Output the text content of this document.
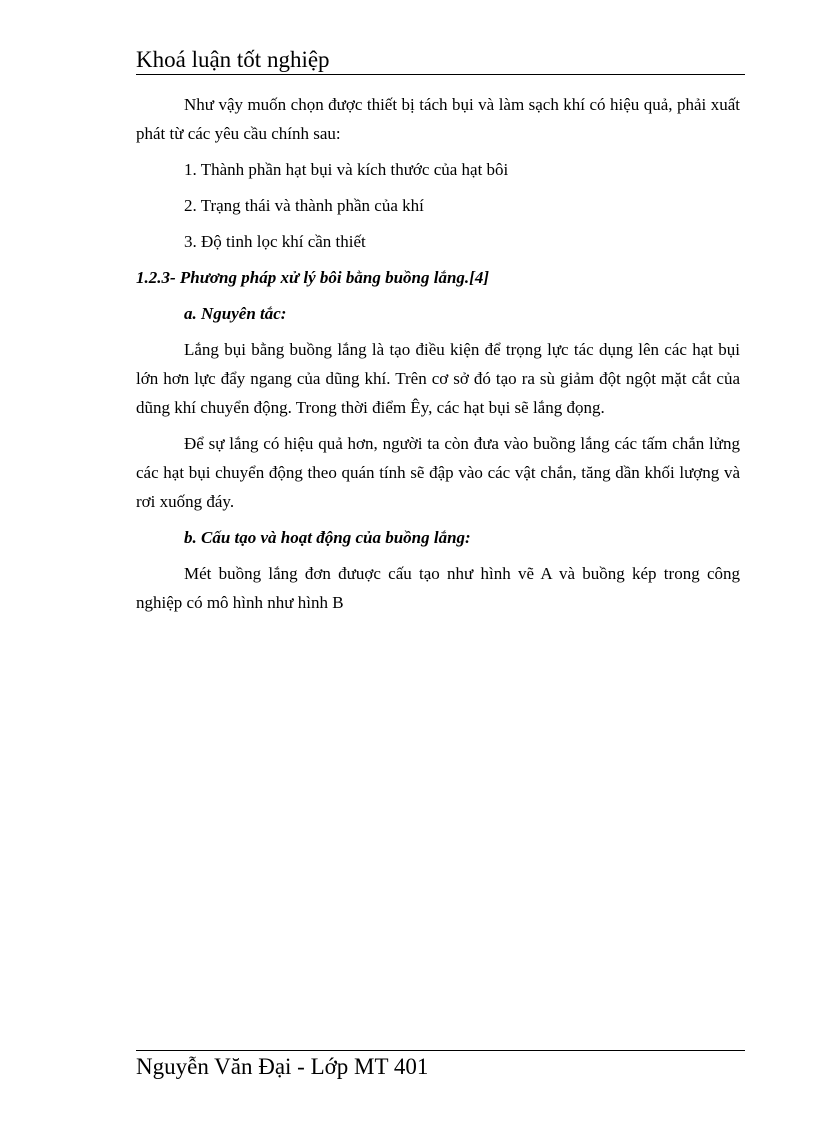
Khoá luận tốt nghiệp

Như vậy muốn chọn được thiết bị tách bụi và làm sạch khí có hiệu quả, phải xuất phát từ các yêu cầu chính sau:

1. Thành phần hạt bụi và kích thước của hạt bôi

2. Trạng thái và thành phần của khí

3. Độ tinh lọc khí cần thiết

1.2.3- Phương pháp xử lý bôi bằng buồng lắng.[4]

a. Nguyên tắc:

Lắng bụi bằng buồng lắng là tạo điều kiện để trọng lực tác dụng lên các hạt bụi lớn hơn lực đẩy ngang của dũng khí. Trên cơ sở đó tạo ra sù giảm đột ngột mặt cắt của dũng khí chuyển động. Trong thời điểm Êy, các hạt bụi sẽ lắng đọng.

Để sự lắng có hiệu quả hơn, người ta còn đưa vào buồng lắng các tấm chắn lửng các hạt bụi chuyển động theo quán tính sẽ đập vào các vật chắn, tăng dần khối lượng và rơi xuống đáy.

b. Cấu tạo và hoạt động của buồng lắng:

Mét buồng lắng đơn đưuợc cấu tạo như hình vẽ A và buồng kép trong công nghiệp có mô hình như hình B

Nguyễn Văn Đại - Lớp MT 401
